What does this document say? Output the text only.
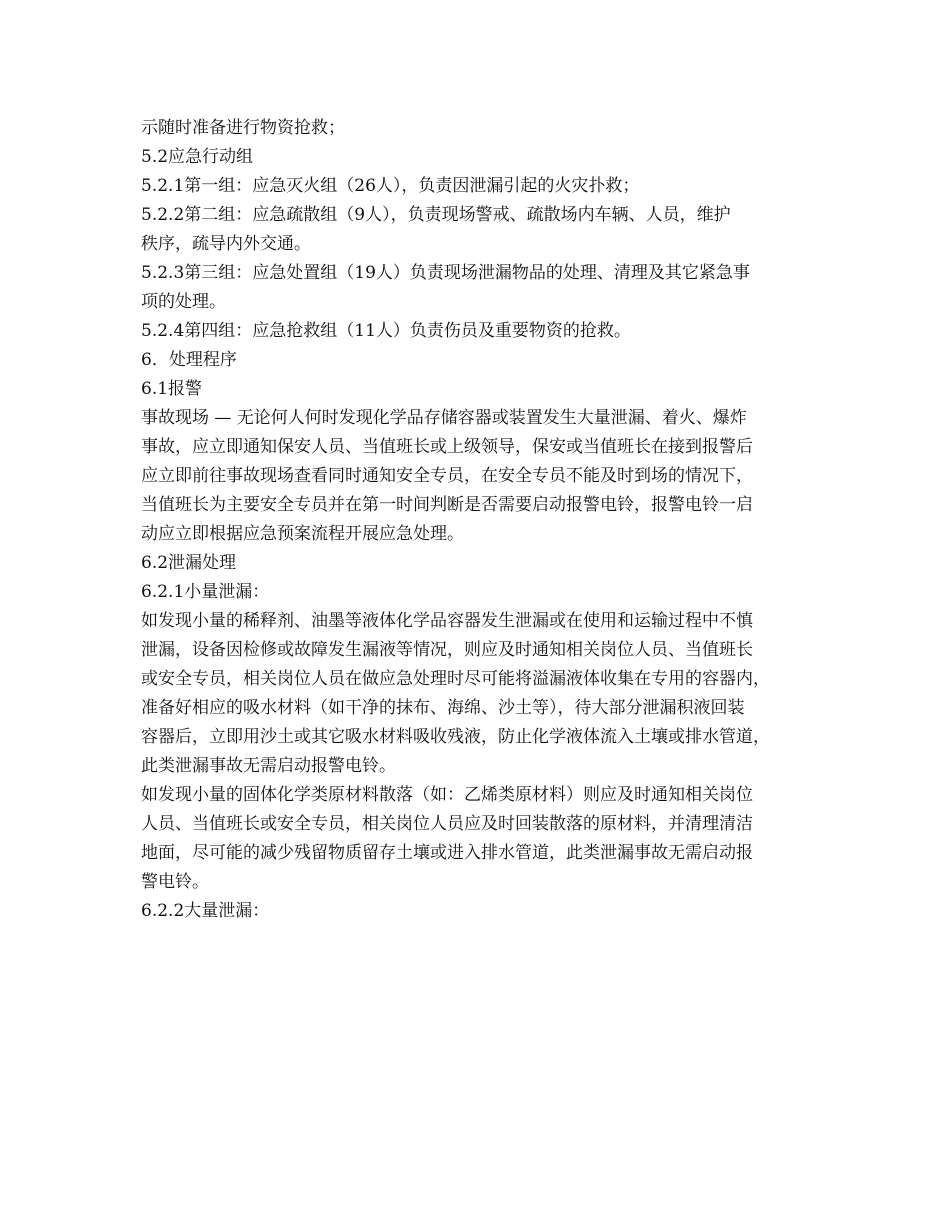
示随时准备进行物资抢救；
5.2应急行动组
5.2.1第一组：应急灭火组（26人），负责因泄漏引起的火灾扑救；
5.2.2第二组：应急疏散组（9人），负责现场警戒、疏散场内车辆、人员，维护
秩序，疏导内外交通。
5.2.3第三组：应急处置组（19人）负责现场泄漏物品的处理、清理及其它紧急事
项的处理。
5.2.4第四组：应急抢救组（11人）负责伤员及重要物资的抢救。
6．处理程序
6.1报警
事故现场 — 无论何人何时发现化学品存储容器或装置发生大量泄漏、着火、爆炸
事故，应立即通知保安人员、当值班长或上级领导，保安或当值班长在接到报警后
应立即前往事故现场查看同时通知安全专员，在安全专员不能及时到场的情况下，
当值班长为主要安全专员并在第一时间判断是否需要启动报警电铃，报警电铃一启
动应立即根据应急预案流程开展应急处理。
6.2泄漏处理
6.2.1小量泄漏：
如发现小量的稀释剂、油墨等液体化学品容器发生泄漏或在使用和运输过程中不慎
泄漏，设备因检修或故障发生漏液等情况，则应及时通知相关岗位人员、当值班长
或安全专员，相关岗位人员在做应急处理时尽可能将溢漏液体收集在专用的容器内，
准备好相应的吸水材料（如干净的抹布、海绵、沙土等），待大部分泄漏积液回装
容器后，立即用沙土或其它吸水材料吸收残液，防止化学液体流入土壤或排水管道，
此类泄漏事故无需启动报警电铃。
如发现小量的固体化学类原材料散落（如：乙烯类原材料）则应及时通知相关岗位
人员、当值班长或安全专员，相关岗位人员应及时回装散落的原材料，并清理清洁
地面，尽可能的减少残留物质留存土壤或进入排水管道，此类泄漏事故无需启动报
警电铃。
6.2.2大量泄漏：
